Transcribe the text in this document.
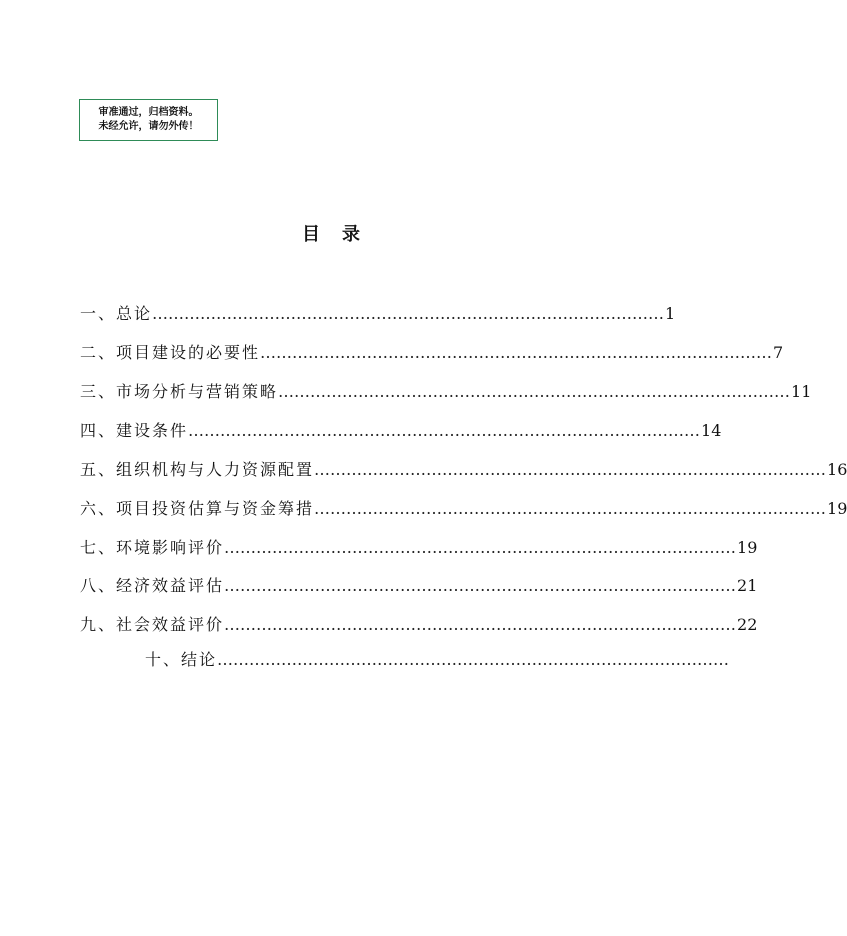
审准通过，归档资料。
未经允许，请勿外传！
目录
一、总论 …………………………………………………………………………………… 1
二、项目建设的必要性 …………………………………………………………………………………… 7
三、市场分析与营销策略 …………………………………………………………………………………… 11
四、建设条件 …………………………………………………………………………………… 14
五、组织机构与人力资源配置 …………………………………………………………………………………… 16
六、项目投资估算与资金筹措 …………………………………………………………………………………… 19
七、环境影响评价 …………………………………………………………………………………… 19
八、经济效益评估 …………………………………………………………………………………… 21
九、社会效益评价 …………………………………………………………………………………… 22
十、结论 ……………………………………………………………………………………
